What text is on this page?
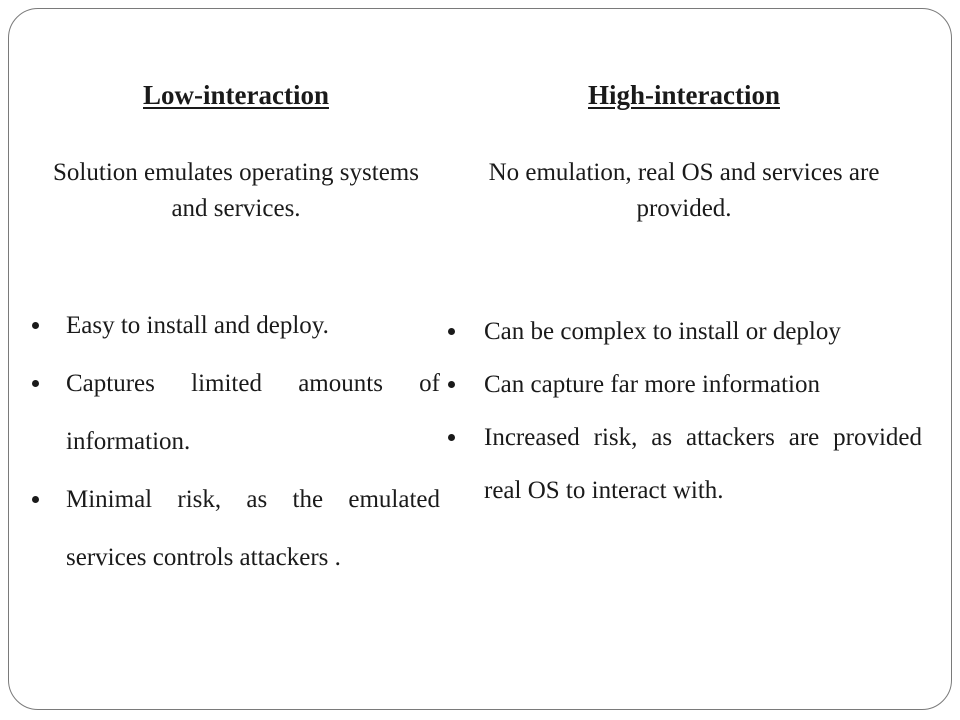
Low-interaction	High-interaction
Solution emulates operating systems and services.
No emulation, real OS and services are provided.
Easy to install and deploy.
Captures limited amounts of information.
Minimal risk, as the emulated services controls attackers .
Can be complex to install or deploy
Can capture far more information
Increased risk, as attackers are provided real OS to interact with.
